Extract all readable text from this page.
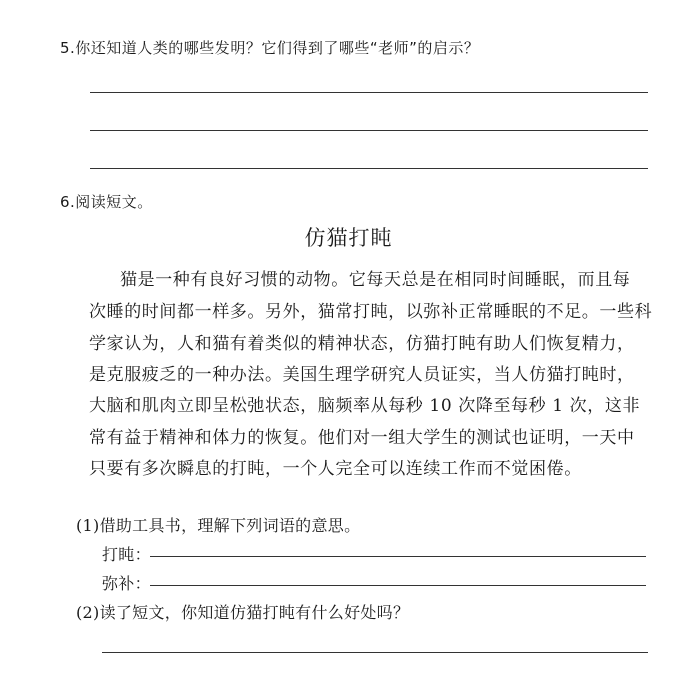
5.你还知道人类的哪些发明？它们得到了哪些“老师”的启示？
6.阅读短文。
仿猫打盹
猫是一种有良好习惯的动物。它每天总是在相同时间睡眠，而且每
次睡的时间都一样多。另外，猫常打盹，以弥补正常睡眠的不足。一些科
学家认为，人和猫有着类似的精神状态，仿猫打盹有助人们恢复精力，
是克服疲乏的一种办法。美国生理学研究人员证实，当人仿猫打盹时，
大脑和肌肉立即呈松弛状态，脑频率从每秒 10 次降至每秒 1 次，这非
常有益于精神和体力的恢复。他们对一组大学生的测试也证明，一天中
只要有多次瞬息的打盹，一个人完全可以连续工作而不觉困倦。
(1)借助工具书，理解下列词语的意思。
打盹：
弥补：
(2)读了短文，你知道仿猫打盹有什么好处吗？
